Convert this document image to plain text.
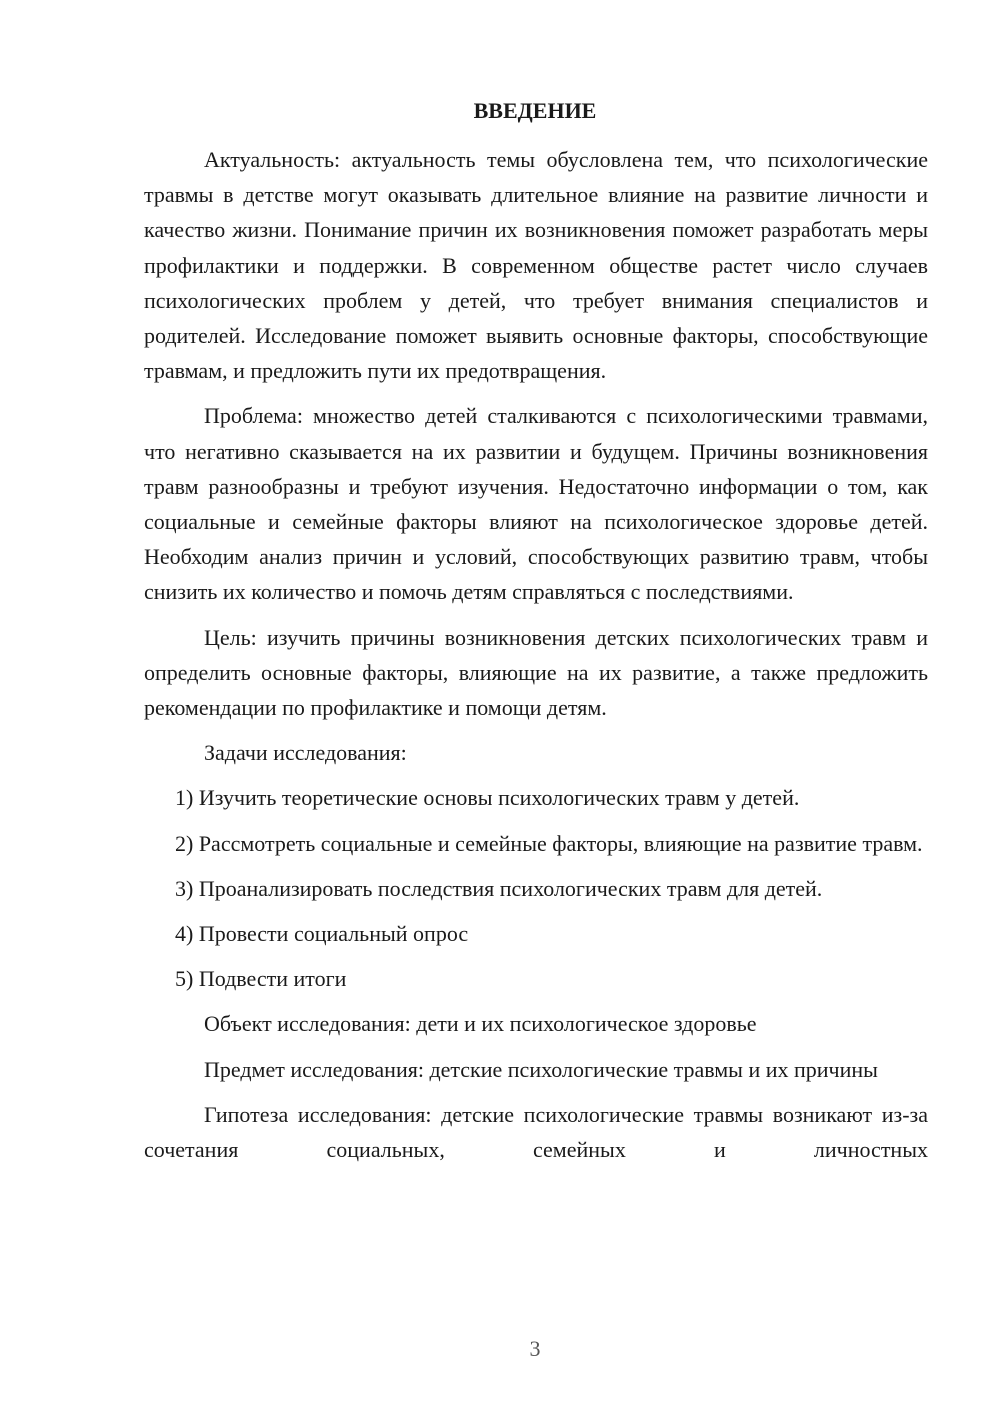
ВВЕДЕНИЕ

Актуальность: актуальность темы обусловлена тем, что психологические травмы в детстве могут оказывать длительное влияние на развитие личности и качество жизни. Понимание причин их возникновения поможет разработать меры профилактики и поддержки. В современном обществе растет число случаев психологических проблем у детей, что требует внимания специалистов и родителей. Исследование поможет выявить основные факторы, способствующие травмам, и предложить пути их предотвращения.

Проблема: множество детей сталкиваются с психологическими травмами, что негативно сказывается на их развитии и будущем. Причины возникновения травм разнообразны и требуют изучения. Недостаточно информации о том, как социальные и семейные факторы влияют на психологическое здоровье детей. Необходим анализ причин и условий, способствующих развитию травм, чтобы снизить их количество и помочь детям справляться с последствиями.

Цель: изучить причины возникновения детских психологических травм и определить основные факторы, влияющие на их развитие, а также предложить рекомендации по профилактике и помощи детям.

Задачи исследования:

1) Изучить теоретические основы психологических травм у детей.

2) Рассмотреть социальные и семейные факторы, влияющие на развитие травм.

3) Проанализировать последствия психологических травм для детей.

4) Провести социальный опрос

5) Подвести итоги

Объект исследования: дети и их психологическое здоровье

Предмет исследования: детские психологические травмы и их причины

Гипотеза исследования: детские психологические травмы возникают из-за сочетания социальных, семейных и личностных

3
